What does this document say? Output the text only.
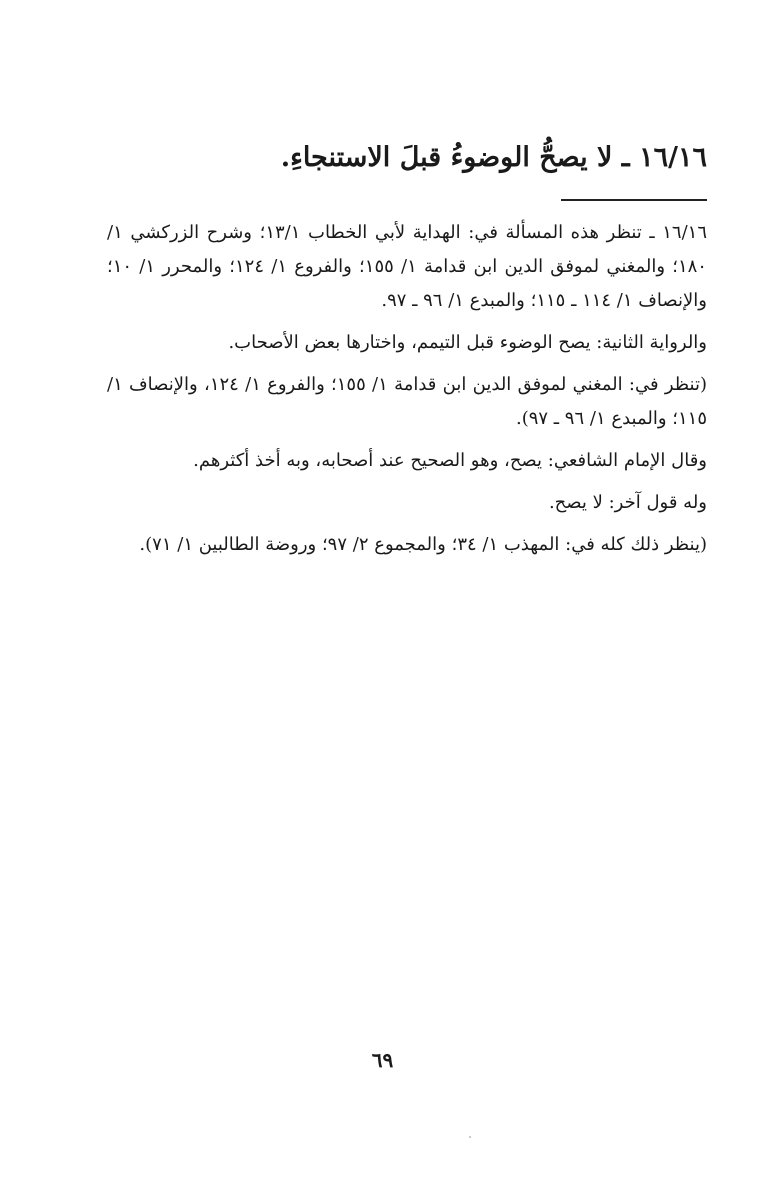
١٦/١٦ ـ لا يصحُّ الوضوءُ قبلَ الاستنجاءِ.

١٦/١٦ ـ تنظر هذه المسألة في: الهداية لأبي الخطاب ١٣/١؛ وشرح الزركشي ١/ ١٨٠؛ والمغني لموفق الدين ابن قدامة ١/ ١٥٥؛ والفروع ١/ ١٢٤؛ والمحرر ١/ ١٠؛ والإنصاف ١/ ١١٤ ـ ١١٥؛ والمبدع ١/ ٩٦ ـ ٩٧.

والرواية الثانية: يصح الوضوء قبل التيمم، واختارها بعض الأصحاب.

(تنظر في: المغني لموفق الدين ابن قدامة ١/ ١٥٥؛ والفروع ١/ ١٢٤، والإنصاف ١/ ١١٥؛ والمبدع ١/ ٩٦ ـ ٩٧).

وقال الإمام الشافعي: يصح، وهو الصحيح عند أصحابه، وبه أخذ أكثرهم.

وله قول آخر: لا يصح.

(ينظر ذلك كله في: المهذب ١/ ٣٤؛ والمجموع ٢/ ٩٧؛ وروضة الطالبين ١/ ٧١).

٦٩
